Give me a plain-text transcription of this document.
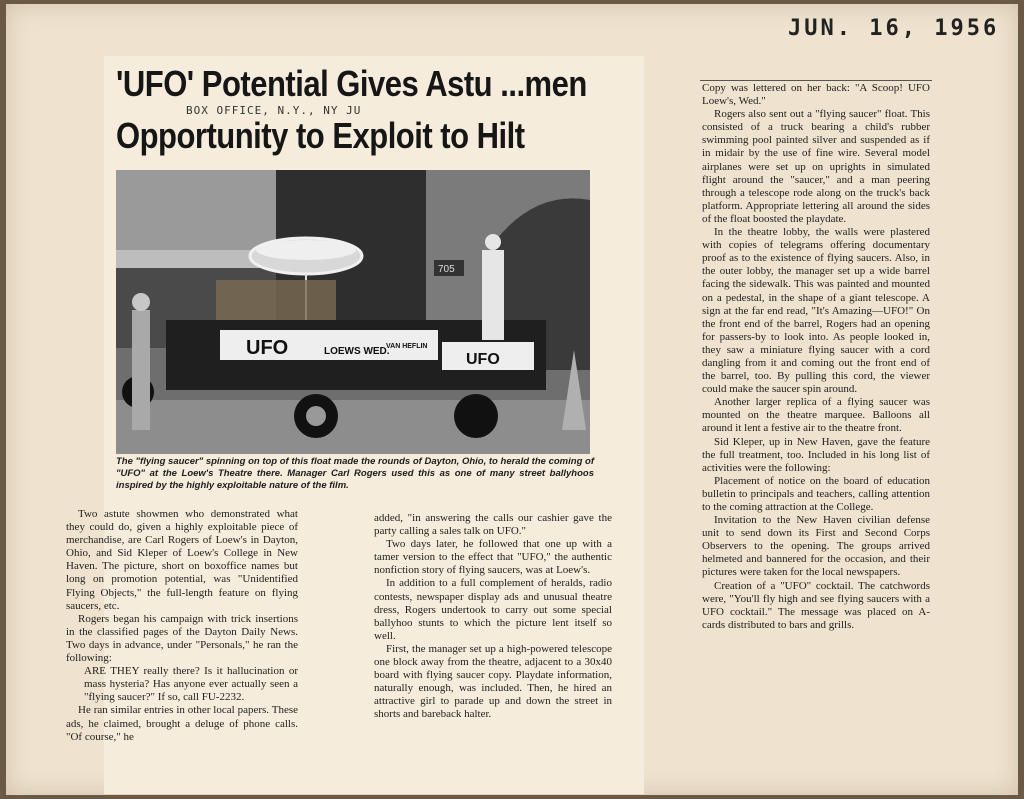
JUN. 16, 1956
'UFO' Potential Gives Astu ...men
BOX OFFICE, N.Y., NY JU
Opportunity to Exploit to Hilt
UFO	LOEWS WED.
VAN HEFLIN
UFO
705
The "flying saucer" spinning on top of this float made the rounds of Dayton, Ohio, to herald the coming of "UFO" at the Loew's Theatre there. Manager Carl Rogers used this as one of many street ballyhoos inspired by the highly exploitable nature of the film.

Two astute showmen who demonstrated what they could do, given a highly exploitable piece of merchandise, are Carl Rogers of Loew's in Dayton, Ohio, and Sid Kleper of Loew's College in New Haven. The picture, short on boxoffice names but long on promotion potential, was "Unidentified Flying Objects," the full-length feature on flying saucers, etc.

Rogers began his campaign with trick insertions in the classified pages of the Dayton Daily News. Two days in advance, under "Personals," he ran the following:

ARE THEY really there? Is it hallucination or mass hysteria? Has anyone ever actually seen a "flying saucer?" If so, call FU-2232.

He ran similar entries in other local papers. These ads, he claimed, brought a deluge of phone calls. "Of course," he

added, "in answering the calls our cashier gave the party calling a sales talk on UFO."

Two days later, he followed that one up with a tamer version to the effect that "UFO," the authentic nonfiction story of flying saucers, was at Loew's.

In addition to a full complement of heralds, radio contests, newspaper display ads and unusual theatre dress, Rogers undertook to carry out some special ballyhoo stunts to which the picture lent itself so well.

First, the manager set up a high-powered telescope one block away from the theatre, adjacent to a 30x40 board with flying saucer copy. Playdate information, naturally enough, was included. Then, he hired an attractive girl to parade up and down the street in shorts and bareback halter.

Copy was lettered on her back: "A Scoop! UFO Loew's, Wed."

Rogers also sent out a "flying saucer" float. This consisted of a truck bearing a child's rubber swimming pool painted silver and suspended as if in midair by the use of fine wire. Several model airplanes were set up on uprights in simulated flight around the "saucer," and a man peering through a telescope rode along on the truck's back platform. Appropriate lettering all around the sides of the float boosted the playdate.

In the theatre lobby, the walls were plastered with copies of telegrams offering documentary proof as to the existence of flying saucers. Also, in the outer lobby, the manager set up a wide barrel facing the sidewalk. This was painted and mounted on a pedestal, in the shape of a giant telescope. A sign at the far end read, "It's Amazing—UFO!" On the front end of the barrel, Rogers had an opening for passers-by to look into. As people looked in, they saw a miniature flying saucer with a cord dangling from it and coming out the front end of the barrel, too. By pulling this cord, the viewer could make the saucer spin around.

Another larger replica of a flying saucer was mounted on the theatre marquee. Balloons all around it lent a festive air to the theatre front.

Sid Kleper, up in New Haven, gave the feature the full treatment, too. Included in his long list of activities were the following:

Placement of notice on the board of education bulletin to principals and teachers, calling attention to the coming attraction at the College.

Invitation to the New Haven civilian defense unit to send down its First and Second Corps Observers to the opening. The groups arrived helmeted and bannered for the occasion, and their pictures were taken for the local newspapers.

Creation of a "UFO" cocktail. The catchwords were, "You'll fly high and see flying saucers with a UFO cocktail." The message was placed on A-cards distributed to bars and grills.
